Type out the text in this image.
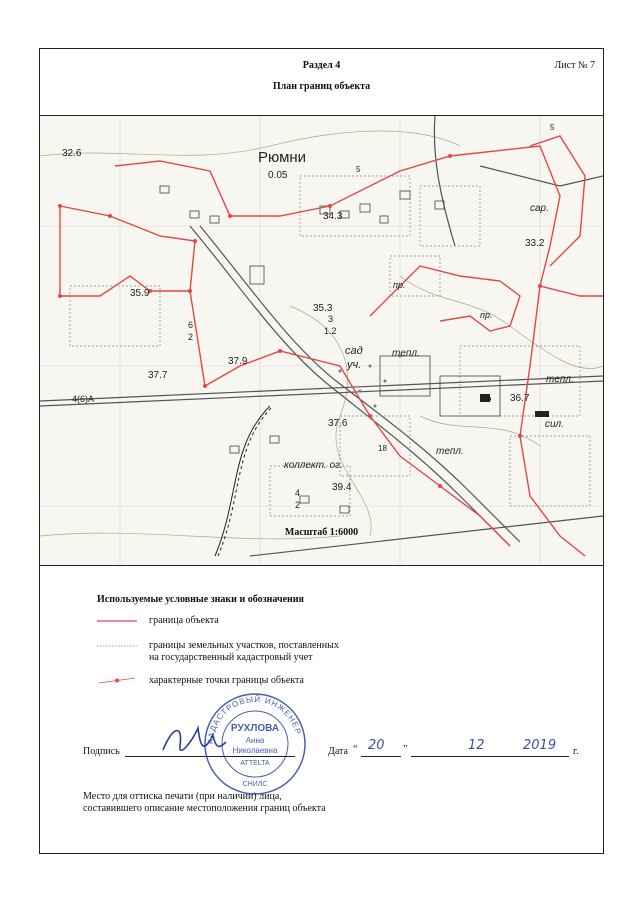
Раздел 4	Лист № 7
План границ объекта
Рюмни
0.05
32.6
34.3
35.9
35.3
37.7
37.9
37.6
36.7
33.2
39.4
сад
уч.
коллект. ог.
тепл.
тепл.
тепл.
сил.
сар.
пр.
пр.
4(6)А
6
2
3
1.2
4
2
5
5
18
Масштаб 1:6000
Используемые условные знаки и обозначения
граница объекта
границы земельных участков, поставленных
на государственный кадастровый учет
характерные точки границы объекта
КАДАСТРОВЫЙ ИНЖЕНЕР
РУХЛОВА
Анна
Николаевна
ATTELTA
СНИЛС
Подпись	Дата “ 20 ”	12	2019 г.
Место для оттиска печати (при наличии) лица,
составившего описание местоположения границ объекта
